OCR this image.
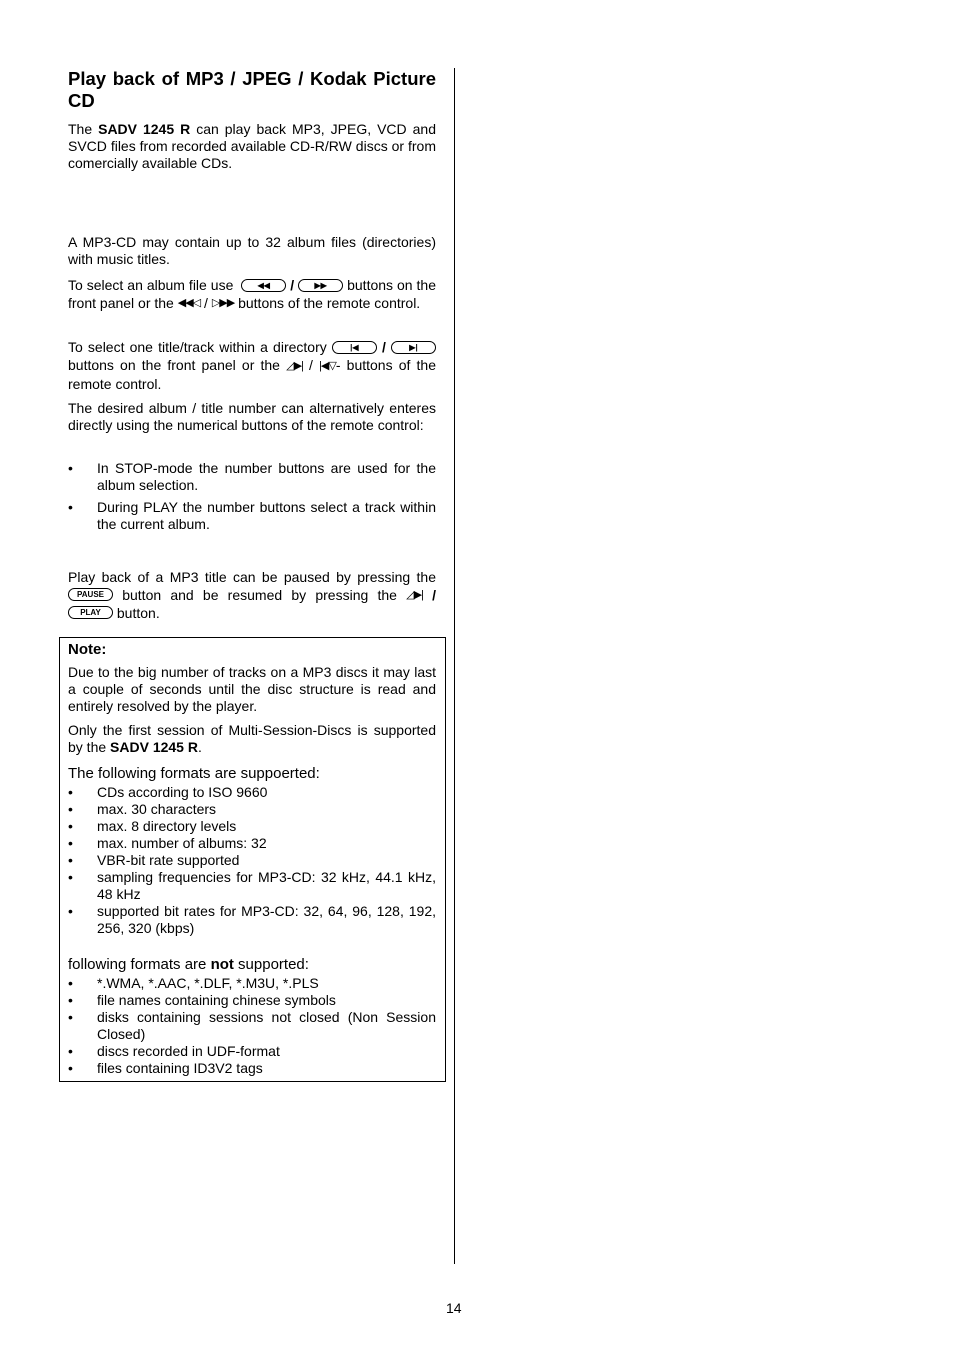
Play back of MP3 / JPEG / Kodak Picture CD

The SADV 1245 R can play back MP3, JPEG, VCD and SVCD files from recorded available CD-R/RW discs or from comercially available CDs.

A MP3-CD may contain up to 32 album files (directories) with music titles.

To select an album file use	◀◀ /	▶▶ buttons on the front panel or the ◀◀◁ / ▷▶▶ buttons of the remote control.

To select one title/track within a directory	|◀ /	▶| buttons on the front panel or the ◿▶| / |◀▽- buttons of the remote control.

The desired album / title number can alternatively enteres directly using the numerical buttons of the remote control:

• In STOP-mode the number buttons are used for the album selection.
• During PLAY the number buttons select a track within the current album.

Play back of a MP3 title can be paused by pressing the PAUSE button and be resumed by pressing the ◿▶| / PLAY button.

Note:

Due to the big number of tracks on a MP3 discs it may last a couple of seconds until the disc structure is read and entirely resolved by the player.

Only the first session of Multi-Session-Discs is supported by the SADV 1245 R.

The following formats are suppoerted:
• CDs according to ISO 9660
• max. 30 characters
• max. 8 directory levels
• max. number of albums: 32
• VBR-bit rate supported
• sampling frequencies for MP3-CD: 32 kHz, 44.1 kHz, 48 kHz
• supported bit rates for MP3-CD: 32, 64, 96, 128, 192, 256, 320 (kbps)
following formats are not supported:
• *.WMA, *.AAC, *.DLF, *.M3U, *.PLS
• file names containing chinese symbols
• disks containing sessions not closed (Non Session Closed)
• discs recorded in UDF-format
• files containing ID3V2 tags
14
